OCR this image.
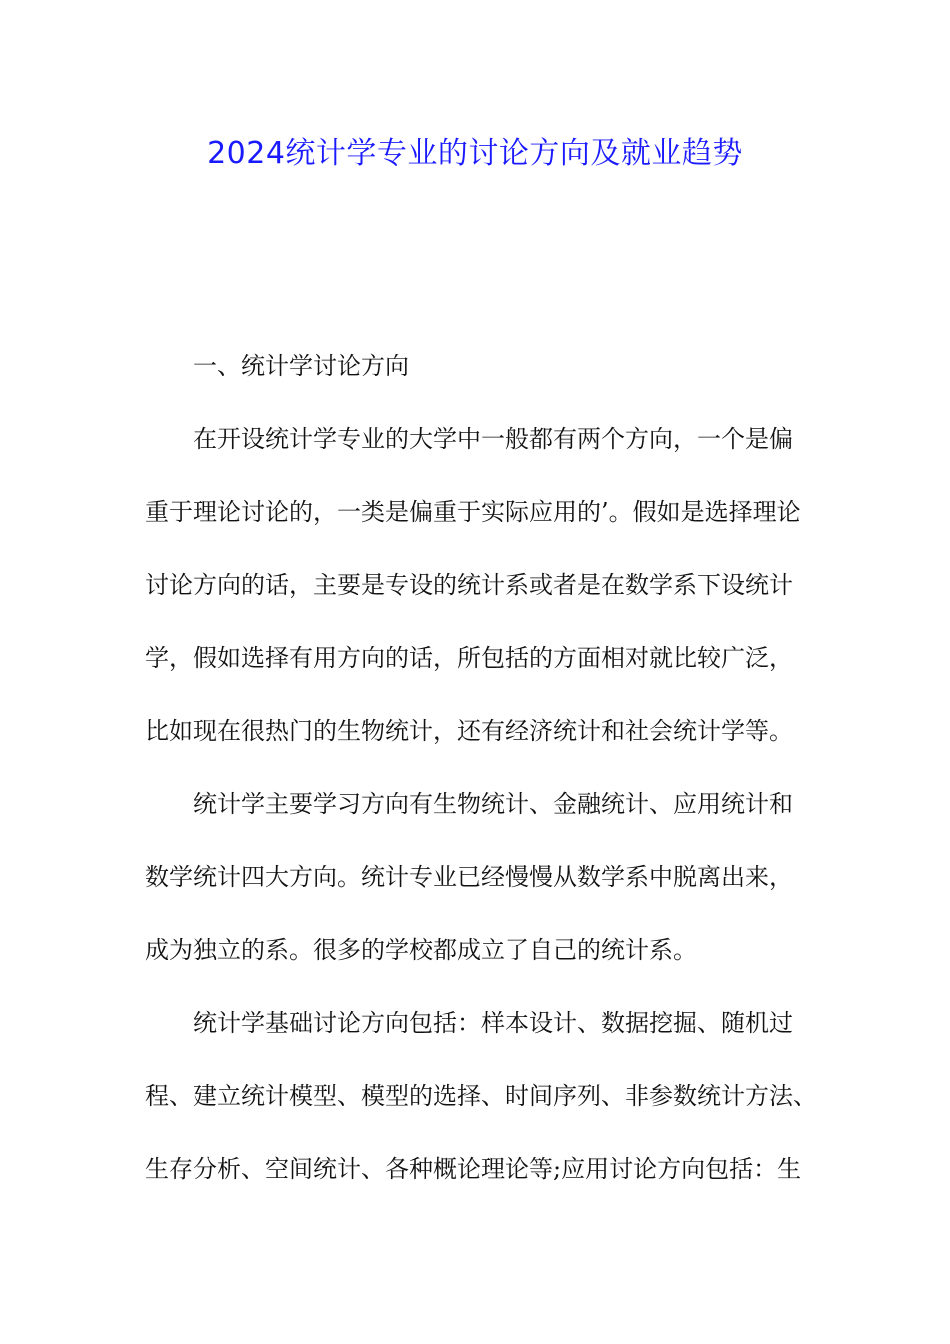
2024统计学专业的讨论方向及就业趋势
一、统计学讨论方向
在开设统计学专业的大学中一般都有两个方向，一个是偏
重于理论讨论的，一类是偏重于实际应用的’。假如是选择理论
讨论方向的话，主要是专设的统计系或者是在数学系下设统计
学，假如选择有用方向的话，所包括的方面相对就比较广泛，
比如现在很热门的生物统计，还有经济统计和社会统计学等。
统计学主要学习方向有生物统计、金融统计、应用统计和
数学统计四大方向。统计专业已经慢慢从数学系中脱离出来，
成为独立的系。很多的学校都成立了自己的统计系。
统计学基础讨论方向包括：样本设计、数据挖掘、随机过
程、建立统计模型、模型的选择、时间序列、非参数统计方法、
生存分析、空间统计、各种概论理论等;应用讨论方向包括：生
